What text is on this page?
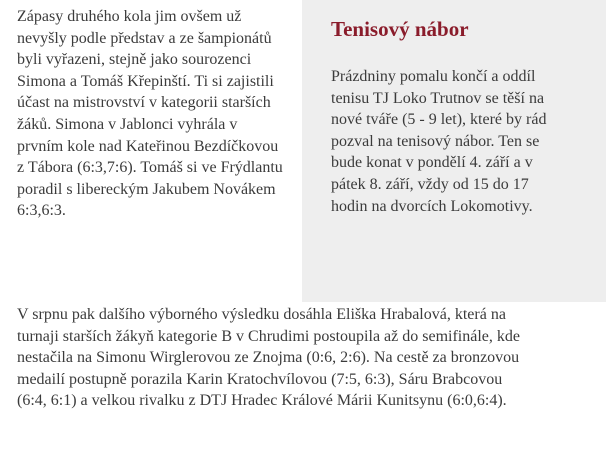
Zápasy druhého kola jim ovšem už nevyšly podle představ a ze šampionátů byli vyřazeni, stejně jako sourozenci Simona a Tomáš Křepinští. Ti si zajistili účast na mistrovství v kategorii starších žáků. Simona v Jablonci vyhrála v prvním kole nad Kateřinou Bezdíčkovou z Tábora (6:3,7:6). Tomáš si ve Frýdlantu poradil s libereckým Jakubem Novákem 6:3,6:3.
Tenisový nábor

Prázdniny pomalu končí a oddíl tenisu TJ Loko Trutnov se těší na nové tváře (5 - 9 let), které by rád pozval na tenisový nábor. Ten se bude konat v pondělí 4. září a v pátek 8. září, vždy od 15 do 17 hodin na dvorcích Lokomotivy.

V srpnu pak dalšího výborného výsledku dosáhla Eliška Hrabalová, která na turnaji starších žákyň kategorie B v Chrudimi postoupila až do semifinále, kde nestačila na Simonu Wirglerovou ze Znojma (0:6, 2:6). Na cestě za bronzovou medailí postupně porazila Karin Kratochvílovou (7:5, 6:3), Sáru Brabcovou (6:4, 6:1) a velkou rivalku z DTJ Hradec Králové Márii Kunitsynu (6:0,6:4).
